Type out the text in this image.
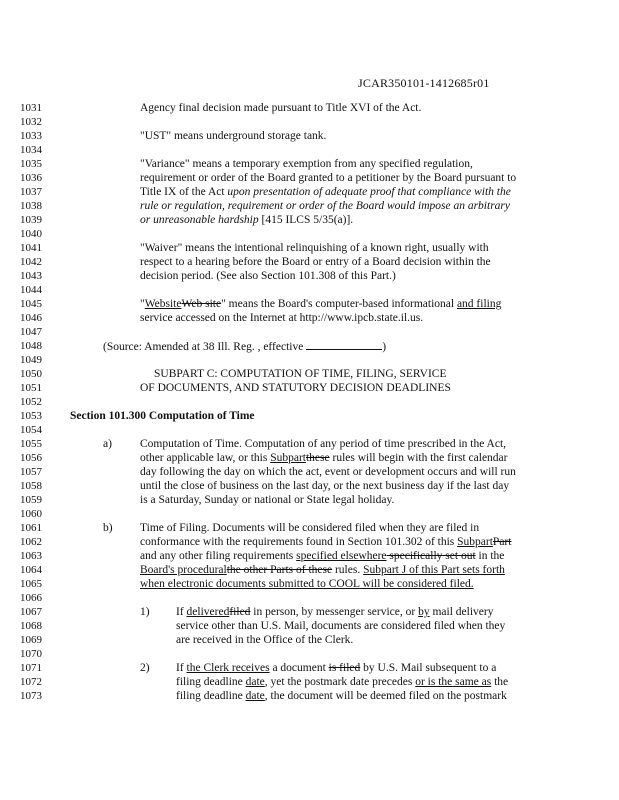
JCAR350101-1412685r01
1031
1032
1033
1034
1035
1036
1037
1038
1039
1040
1041
1042
1043
1044
1045
1046
1047
1048
1049
1050
1051
1052
1053
1054
1055
1056
1057
1058
1059
1060
1061
1062
1063
1064
1065
1066
1067
1068
1069
1070
1071
1072
1073
Agency final decision made pursuant to Title XVI of the Act.
"UST" means underground storage tank.
"Variance" means a temporary exemption from any specified regulation,
requirement or order of the Board granted to a petitioner by the Board pursuant to
Title IX of the Act upon presentation of adequate proof that compliance with the
rule or regulation, requirement or order of the Board would impose an arbitrary
or unreasonable hardship [415 ILCS 5/35(a)].
"Waiver" means the intentional relinquishing of a known right, usually with
respect to a hearing before the Board or entry of a Board decision within the
decision period. (See also Section 101.308 of this Part.)
"WebsiteWeb site" means the Board's computer-based informational and filing
service accessed on the Internet at http://www.ipcb.state.il.us.
(Source: Amended at 38 Ill. Reg. , effective	)
SUBPART C: COMPUTATION OF TIME, FILING, SERVICE
OF DOCUMENTS, AND STATUTORY DECISION DEADLINES
Section 101.300 Computation of Time
a) Computation of Time. Computation of any period of time prescribed in the Act,
other applicable law, or this Subpartthese rules will begin with the first calendar
day following the day on which the act, event or development occurs and will run
until the close of business on the last day, or the next business day if the last day
is a Saturday, Sunday or national or State legal holiday.
b) Time of Filing. Documents will be considered filed when they are filed in
conformance with the requirements found in Section 101.302 of this SubpartPart
and any other filing requirements specified elsewhere specifically set out in the
Board's proceduralthe other Parts of these rules. Subpart J of this Part sets forth
when electronic documents submitted to COOL will be considered filed.
1) If deliveredfiled in person, by messenger service, or by mail delivery
service other than U.S. Mail, documents are considered filed when they
are received in the Office of the Clerk.
2) If the Clerk receives a document is filed by U.S. Mail subsequent to a
filing deadline date, yet the postmark date precedes or is the same as the
filing deadline date, the document will be deemed filed on the postmark
